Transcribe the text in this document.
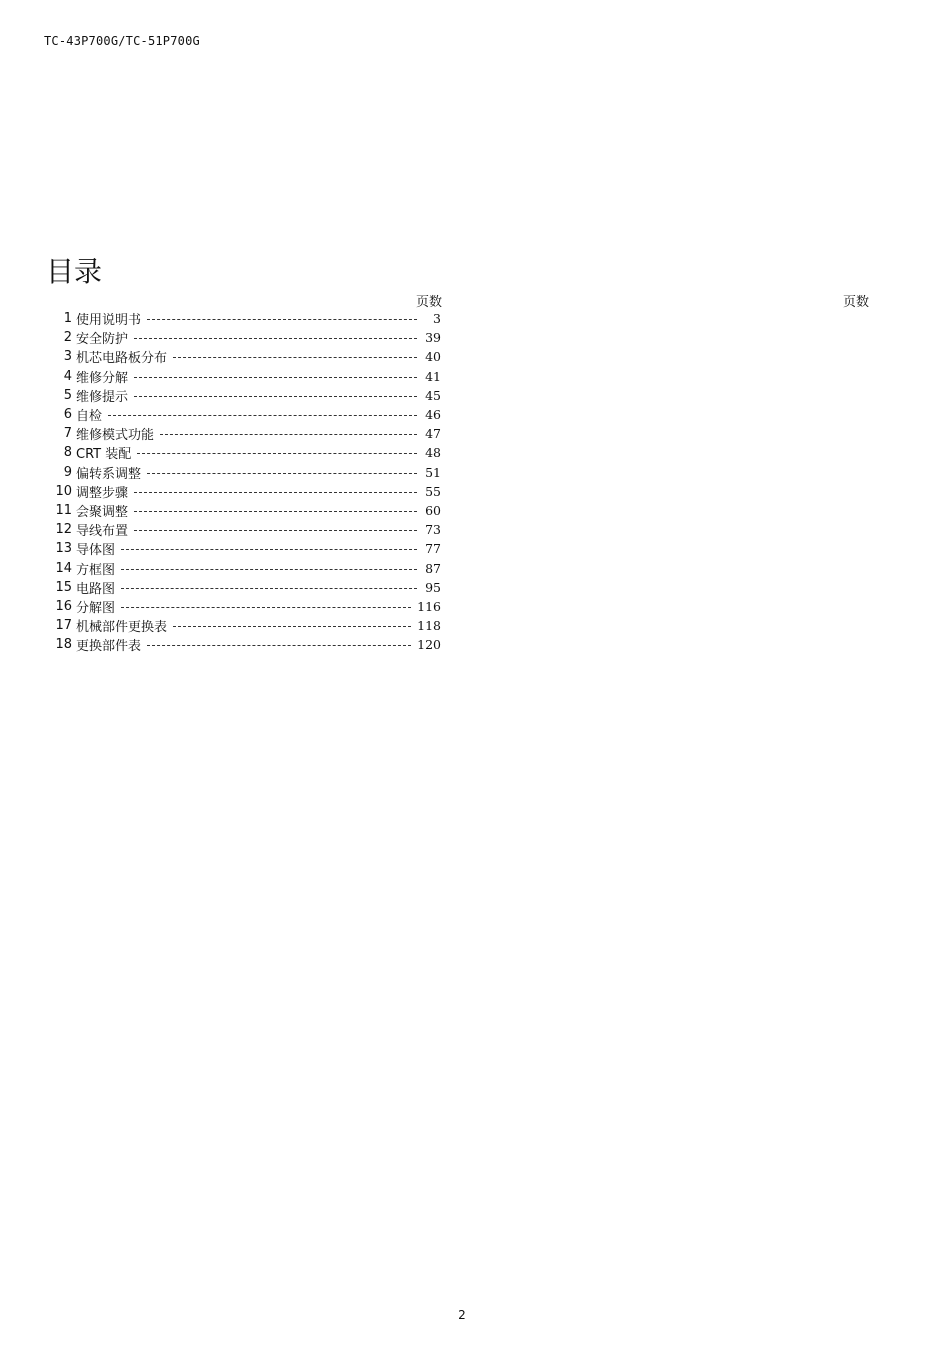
TC-43P700G/TC-51P700G
目录
页数	页数
1 使用说明书	3
2 安全防护	39
3 机芯电路板分布	40
4 维修分解	41
5 维修提示	45
6 自检	46
7 维修模式功能	47
8 CRT 装配	48
9 偏转系调整	51
10 调整步骤	55
11 会聚调整	60
12 导线布置	73
13 导体图	77
14 方框图	87
15 电路图	95
16 分解图	116
17 机械部件更换表	118
18 更换部件表	120
2
